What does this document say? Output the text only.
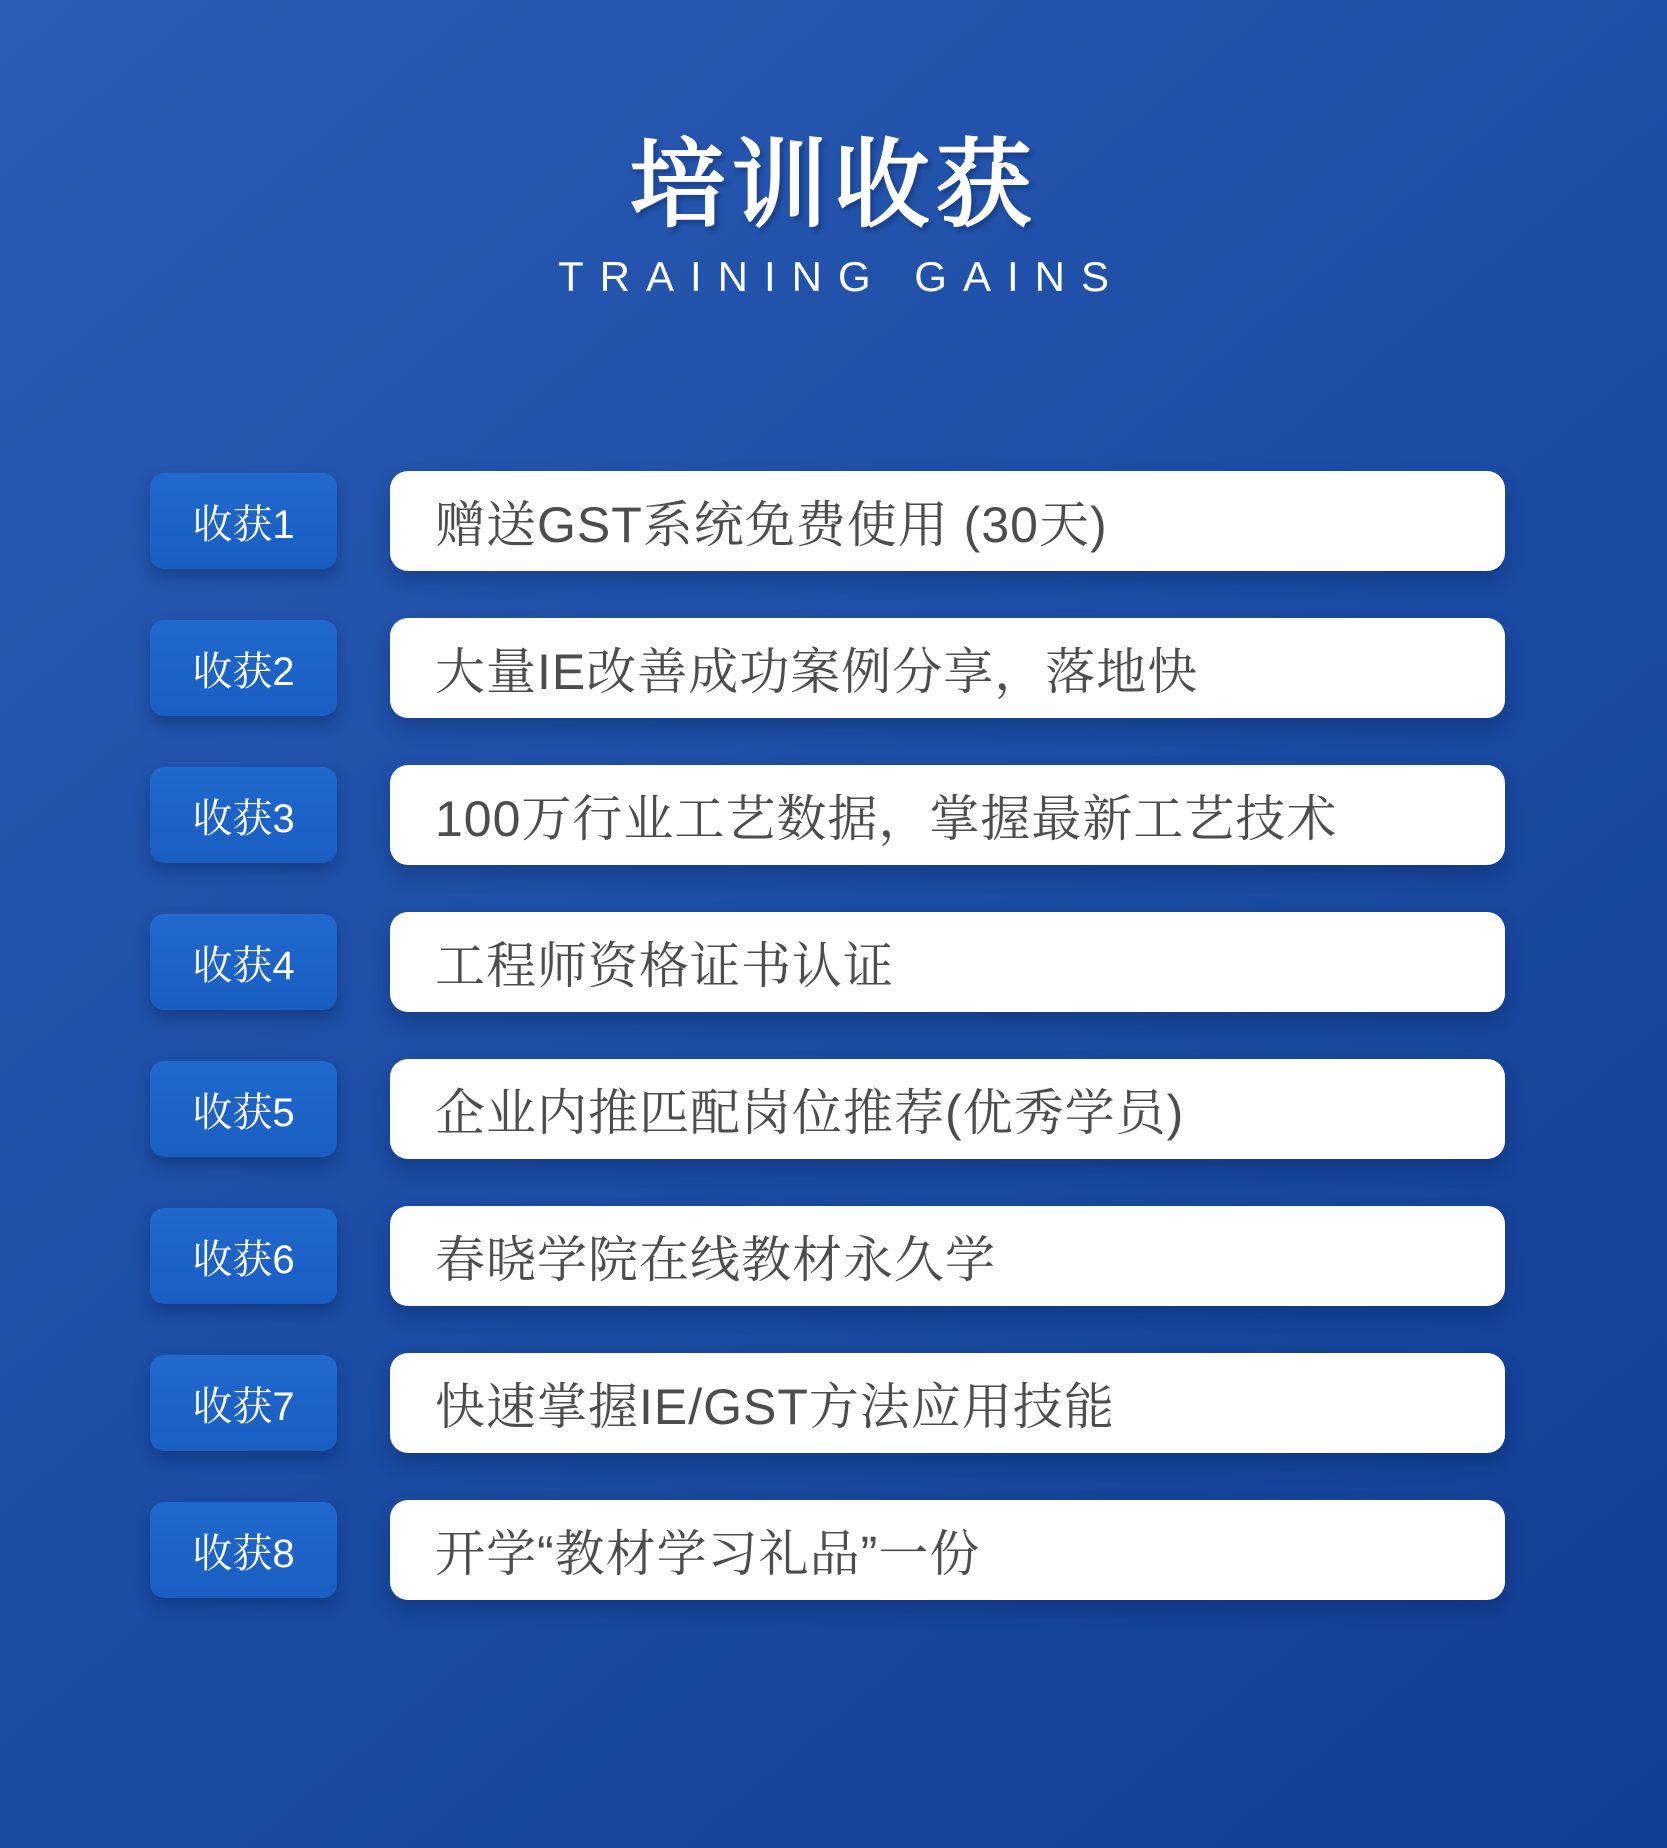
培训收获
TRAINING GAINS
收获1	赠送GST系统免费使用 (30天)
收获2	大量IE改善成功案例分享，落地快
收获3	100万行业工艺数据，掌握最新工艺技术
收获4	工程师资格证书认证
收获5	企业内推匹配岗位推荐(优秀学员)
收获6	春晓学院在线教材永久学
收获7	快速掌握IE/GST方法应用技能
收获8	开学“教材学习礼品”一份
